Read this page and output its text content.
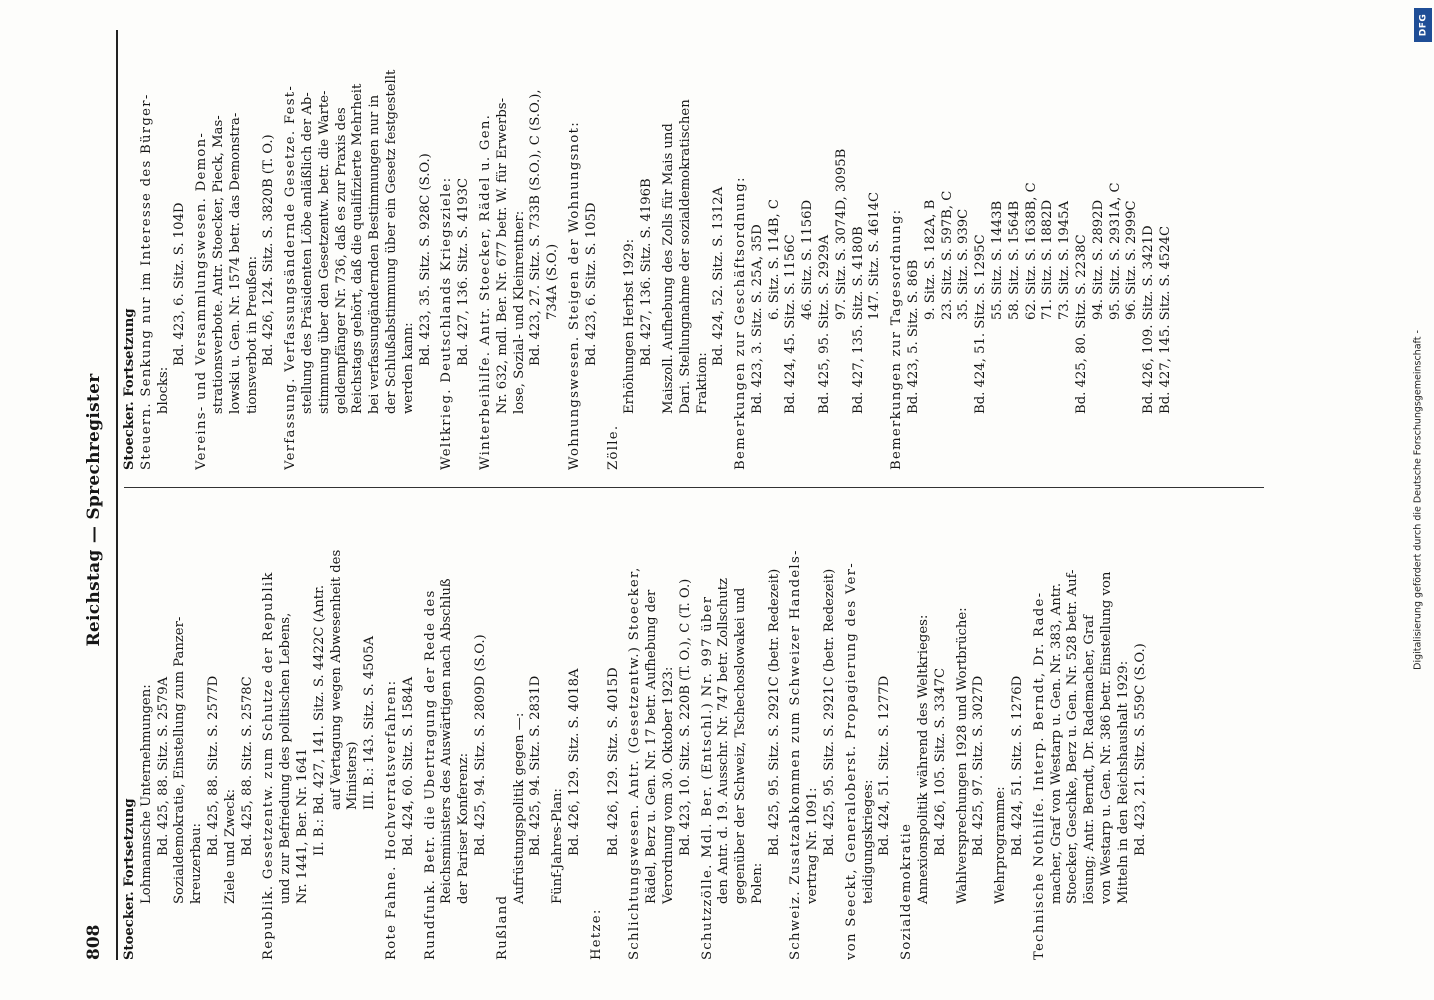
808
Reichstag — Sprechregister
Stoecker. Fortsetzung Lohmannsche Unternehmungen: Bd. 425, 88. Sitz. S. 2579A Sozialdemokratie, Einstellung zum Panzer- kreuzerbau:
Bd. 425, 88. Sitz. S. 2577D Ziele und Zweck: Bd. 425, 88. Sitz. S. 2578C Republik. Gesetzentw. zum Schutze der Republik und zur Befriedung des politischen Lebens, Nr. 1441, Ber. Nr. 1641 II. B.: Bd. 427, 141. Sitz. S. 4422C (Antr. auf Vertagung wegen Abwesenheit des Ministers) III. B.: 143. Sitz. S. 4505A Rote Fahne. Hochverratsverfahren: Bd. 424, 60. Sitz. S. 1584A Rundfunk. Betr. die Übertragung der Rede des Reichsministers des Auswärtigen nach Abschluß der Pariser Konferenz: Bd. 425, 94. Sitz. S. 2809D (S.O.)
Rußland
Aufrüstungspolitik gegen —: Bd. 425, 94. Sitz. S. 2831D Fünf-Jahres-Plan: Bd. 426, 129. Sitz. S. 4018A
Hetze:
Bd. 426, 129. Sitz. S. 4015D Schlichtungswesen. Antr. (Gesetzentw.) Stoecker, Rädel, Berz u. Gen. Nr. 17 betr. Aufhebung der Verordnung vom 30. Oktober 1923: Bd. 423, 10. Sitz. S. 220B (T. O.), C (T. O.) Schutzzölle. Mdl. Ber. (Entschl.) Nr. 997 über den Antr. d. 19. Ausschr. Nr. 747 betr. Zollschutz gegenüber der Schweiz, Tschechoslowakei und Polen:
Bd. 425, 95. Sitz. S. 2921C (betr. Redezeit) Schweiz. Zusatzabkommen zum Schweizer Handels- vertrag Nr. 1091: Bd. 425, 95. Sitz. S. 2921C (betr. Redezeit) von Seeckt, Generaloberst. Propagierung des Ver- teidigungskrieges: Bd. 424, 51. Sitz. S. 1277D
Sozialdemokratie Annexionspolitik während des Weltkrieges: Bd. 426, 105. Sitz. S. 3347C Wahlversprechungen 1928 und Wortbrüche: Bd. 425, 97. Sitz. S. 3027D Wehrprogramme: Bd. 424, 51. Sitz. S. 1276D Technische Nothilfe. Interp. Berndt, Dr. Rade- macher, Graf von Westarp u. Gen. Nr. 383, Antr. Stoecker, Geschke, Berz u. Gen. Nr. 528 betr. Auf- lösung; Antr. Berndt, Dr. Rademacher, Graf von Westarp u. Gen. Nr. 386 betr. Einstellung von Mitteln in den Reichshaushalt 1929: Bd. 423, 21. Sitz. S. 559C (S.O.)
Stoecker. Fortsetzung Steuern. Senkung nur im Interesse des Bürger- blocks:
Bd. 423, 6. Sitz. S. 104D Vereins- und Versammlungswesen. Demon- strationsverbote. Antr. Stoecker, Pieck, Mas- lowski u. Gen. Nr. 1574 betr. das Demonstra- tionsverbot in Preußen: Bd. 426, 124. Sitz. S. 3820B (T. O.) Verfassung. Verfassungsändernde Gesetze. Fest- stellung des Präsidenten Löbe anläßlich der Ab- stimmung über den Gesetzentw. betr. die Warte- geldempfänger Nr. 736, daß es zur Praxis des Reichstags gehört, daß die qualifizierte Mehrheit bei verfassungändernden Bestimmungen nur in der Schlußabstimmung über ein Gesetz festgestellt werden kann:
Bd. 423, 35. Sitz. S. 928C (S.O.) Weltkrieg. Deutschlands Kriegsziele: Bd. 427, 136. Sitz. S. 4193C Winterbeihilfe. Antr. Stoecker, Rädel u. Gen. Nr. 632, mdl. Ber. Nr. 677 betr. W. für Erwerbs- lose, Sozial- und Kleinrentner: Bd. 423, 27. Sitz. S. 733B (S.O.), C (S.O.), 734A (S.O.) Wohnungswesen. Steigen der Wohnungsnot: Bd. 423, 6. Sitz. S. 105D
Zölle.
Erhöhungen Herbst 1929: Bd. 427, 136. Sitz. S. 4196B Maiszoll. Aufhebung des Zolls für Mais und Dari. Stellungnahme der sozialdemokratischen Fraktion:
Bd. 424, 52. Sitz. S. 1312A Bemerkungen zur Geschäftsordnung: Bd. 423, 3. Sitz. S. 25A, 35D 6. Sitz. S. 114B, C Bd. 424, 45. Sitz. S. 1156C 46. Sitz. S. 1156D Bd. 425, 95. Sitz. S. 2929A
97. Sitz. S. 3074D, 3095B Bd. 427, 135. Sitz. S. 4180B 147. Sitz. S. 4614C Bemerkungen zur Tagesordnung: Bd. 423, 5. Sitz. S. 86B
9. Sitz. S. 182A, B 23. Sitz. S. 597B, C 35. Sitz. S. 939C Bd. 424, 51. Sitz. S. 1295C 55. Sitz. S. 1443B 58. Sitz. S. 1564B 62. Sitz. S. 1638B, C 71. Sitz. S. 1882D 73. Sitz. S. 1945A Bd. 425, 80. Sitz. S. 2238C 94. Sitz. S. 2892D 95. Sitz. S. 2931A, C 96. Sitz. S. 2999C Bd. 426, 109. Sitz. S. 3421D Bd. 427, 145. Sitz. S. 4524C
DFG
Digitalisierung gefördert durch die Deutsche Forschungsgemeinschaft -
